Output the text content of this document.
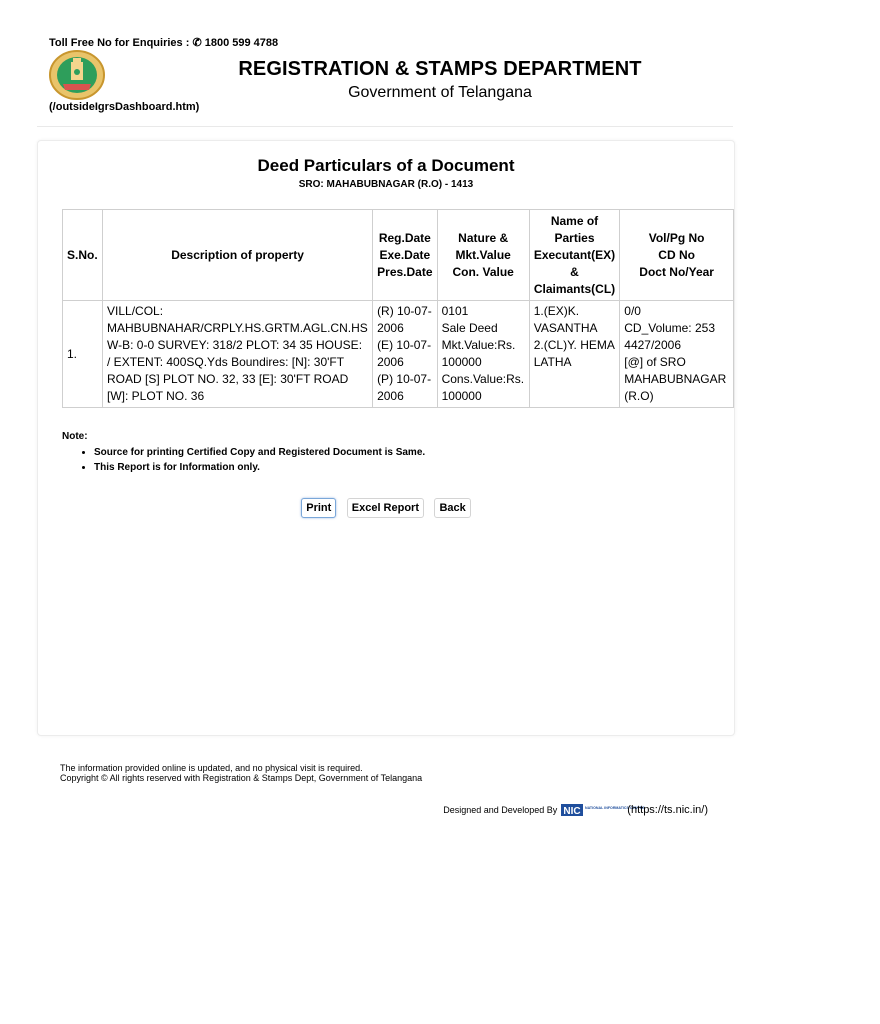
Toll Free No for Enquiries : ✆ 1800 599 4788
(/outsideIgrsDashboard.htm)
REGISTRATION & STAMPS DEPARTMENT
Government of Telangana
Deed Particulars of a Document
SRO: MAHABUBNAGAR (R.O) - 1413
S.No.	Description of property	Reg.Date
Exe.Date
Pres.Date	Nature &
Mkt.Value
Con. Value	Name of
Parties
Executant(EX)
&
Claimants(CL)	Vol/Pg No
CD No
Doct No/Year
1.	VILL/COL: MAHBUBNAHAR/CRPLY.HS.GRTM.AGL.CN.HS W-B: 0-0 SURVEY: 318/2 PLOT: 34 35 HOUSE: / EXTENT: 400SQ.Yds Boundires: [N]: 30'FT ROAD [S] PLOT NO. 32, 33 [E]: 30'FT ROAD [W]: PLOT NO. 36	(R) 10-07-2006
(E) 10-07-2006
(P) 10-07-2006	0101
Sale Deed
Mkt.Value:Rs. 100000
Cons.Value:Rs. 100000	1.(EX)K. VASANTHA
2.(CL)Y. HEMA LATHA	0/0
CD_Volume: 253
4427/2006
[@] of SRO MAHABUBNAGAR (R.O)
Note:
• Source for printing Certified Copy and Registered Document is Same.
• This Report is for Information only.
Print Excel Report Back
The information provided online is updated, and no physical visit is required.
Copyright © All rights reserved with Registration & Stamps Dept, Government of Telangana
Designed and Developed By NIC NATIONAL INFORMATICS CENTRE
(https://ts.nic.in/)
